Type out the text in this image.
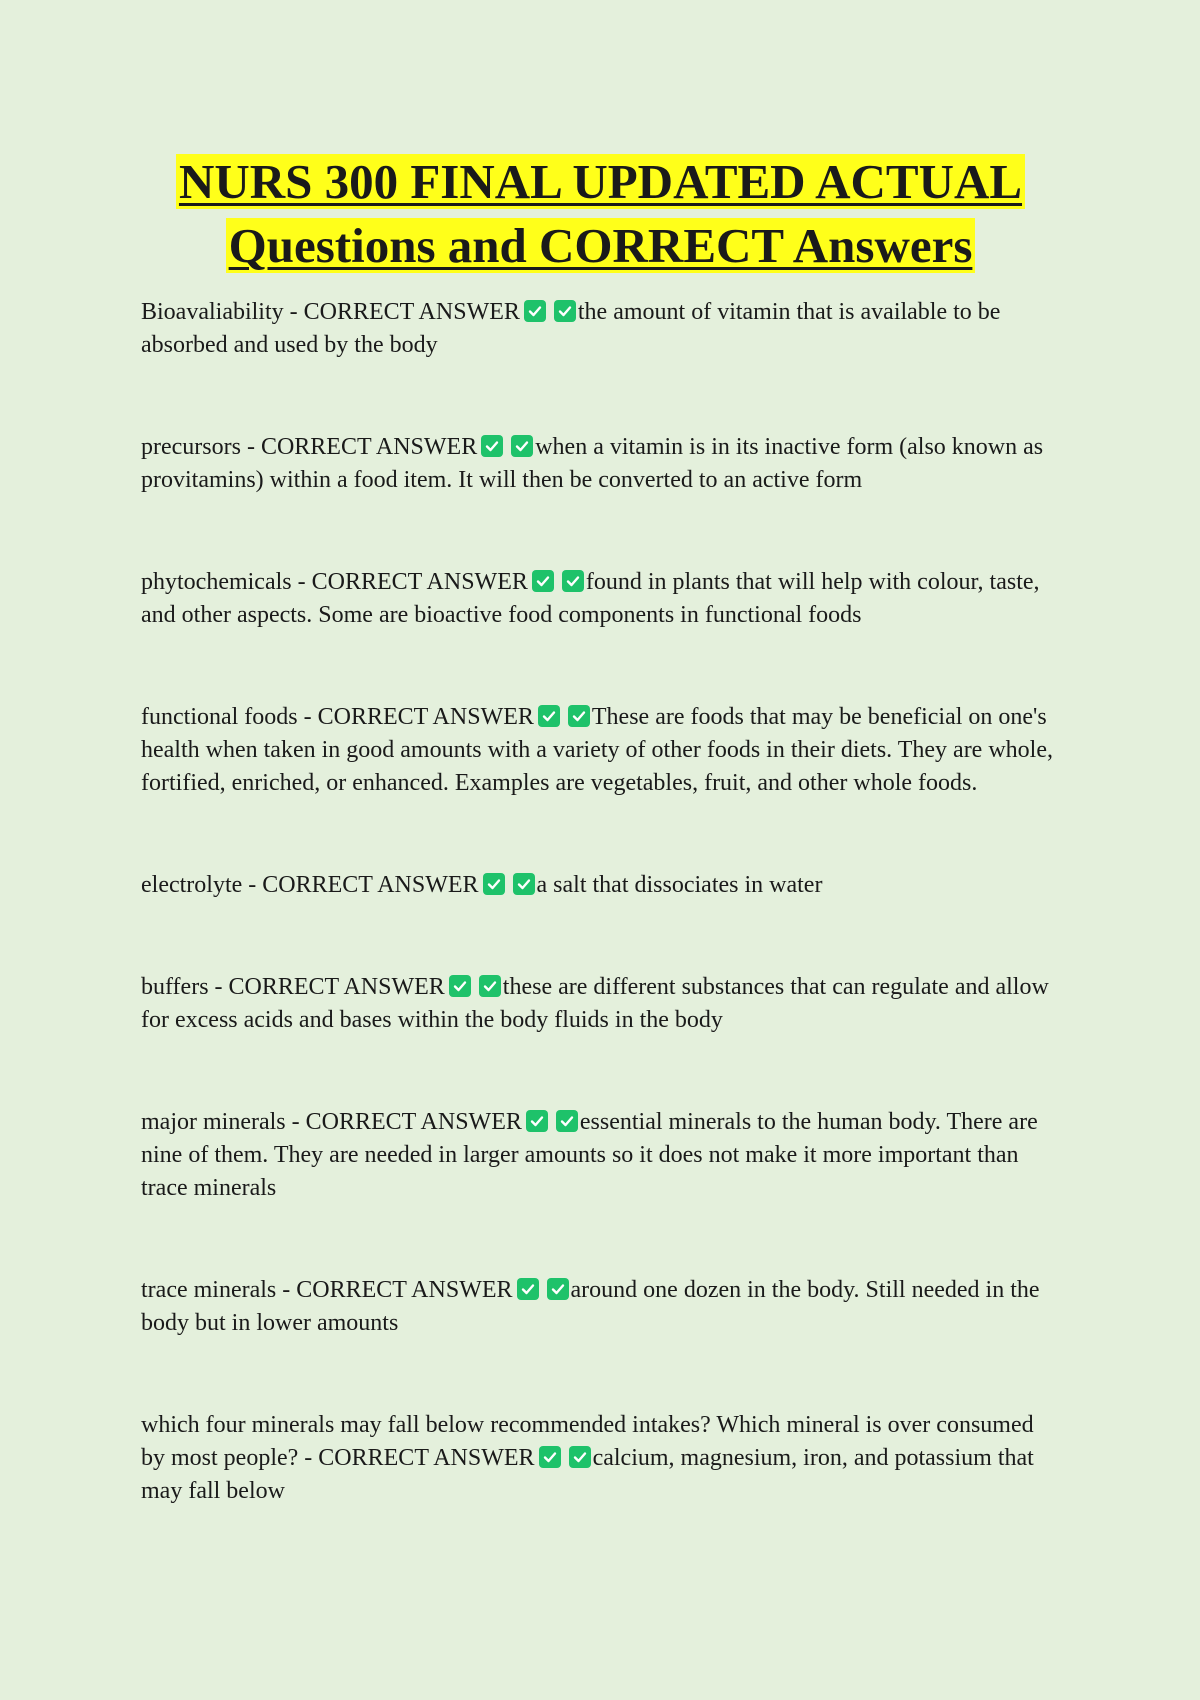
NURS 300 FINAL UPDATED ACTUAL
Questions and CORRECT Answers

Bioavaliability - CORRECT ANSWER the amount of vitamin that is available to be absorbed and used by the body

precursors - CORRECT ANSWER when a vitamin is in its inactive form (also known as provitamins) within a food item. It will then be converted to an active form

phytochemicals - CORRECT ANSWER found in plants that will help with colour, taste, and other aspects. Some are bioactive food components in functional foods

functional foods - CORRECT ANSWER These are foods that may be beneficial on one's health when taken in good amounts with a variety of other foods in their diets. They are whole, fortified, enriched, or enhanced. Examples are vegetables, fruit, and other whole foods.

electrolyte - CORRECT ANSWER a salt that dissociates in water

buffers - CORRECT ANSWER these are different substances that can regulate and allow for excess acids and bases within the body fluids in the body

major minerals - CORRECT ANSWER essential minerals to the human body. There are nine of them. They are needed in larger amounts so it does not make it more important than trace minerals

trace minerals - CORRECT ANSWER around one dozen in the body. Still needed in the body but in lower amounts

which four minerals may fall below recommended intakes? Which mineral is over consumed by most people? - CORRECT ANSWER calcium, magnesium, iron, and potassium that may fall below
